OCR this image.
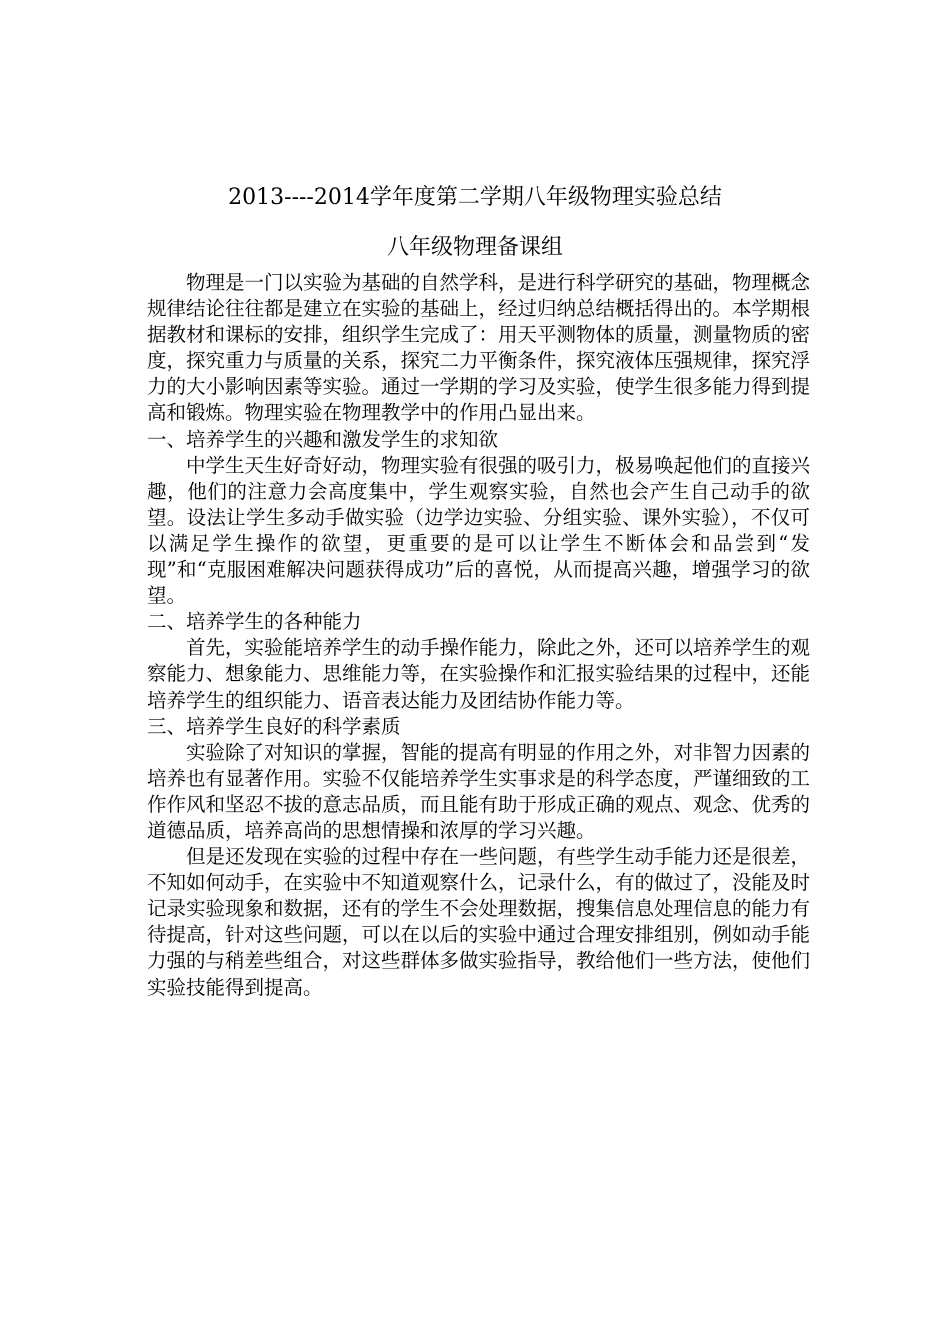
2013----2014学年度第二学期八年级物理实验总结
八年级物理备课组

物理是一门以实验为基础的自然学科，是进行科学研究的基础，物理概念规律结论往往都是建立在实验的基础上，经过归纳总结概括得出的。本学期根据教材和课标的安排，组织学生完成了：用天平测物体的质量，测量物质的密度，探究重力与质量的关系，探究二力平衡条件，探究液体压强规律，探究浮力的大小影响因素等实验。通过一学期的学习及实验，使学生很多能力得到提高和锻炼。物理实验在物理教学中的作用凸显出来。

一、培养学生的兴趣和激发学生的求知欲

中学生天生好奇好动，物理实验有很强的吸引力，极易唤起他们的直接兴趣，他们的注意力会高度集中，学生观察实验，自然也会产生自己动手的欲望。设法让学生多动手做实验（边学边实验、分组实验、课外实验），不仅可以满足学生操作的欲望，更重要的是可以让学生不断体会和品尝到“发现”和“克服困难解决问题获得成功”后的喜悦，从而提高兴趣，增强学习的欲望。

二、培养学生的各种能力

首先，实验能培养学生的动手操作能力，除此之外，还可以培养学生的观察能力、想象能力、思维能力等，在实验操作和汇报实验结果的过程中，还能培养学生的组织能力、语音表达能力及团结协作能力等。

三、培养学生良好的科学素质

实验除了对知识的掌握，智能的提高有明显的作用之外，对非智力因素的培养也有显著作用。实验不仅能培养学生实事求是的科学态度，严谨细致的工作作风和坚忍不拔的意志品质，而且能有助于形成正确的观点、观念、优秀的道德品质，培养高尚的思想情操和浓厚的学习兴趣。

但是还发现在实验的过程中存在一些问题，有些学生动手能力还是很差，不知如何动手，在实验中不知道观察什么，记录什么，有的做过了，没能及时记录实验现象和数据，还有的学生不会处理数据，搜集信息处理信息的能力有待提高，针对这些问题，可以在以后的实验中通过合理安排组别，例如动手能力强的与稍差些组合，对这些群体多做实验指导，教给他们一些方法，使他们实验技能得到提高。
